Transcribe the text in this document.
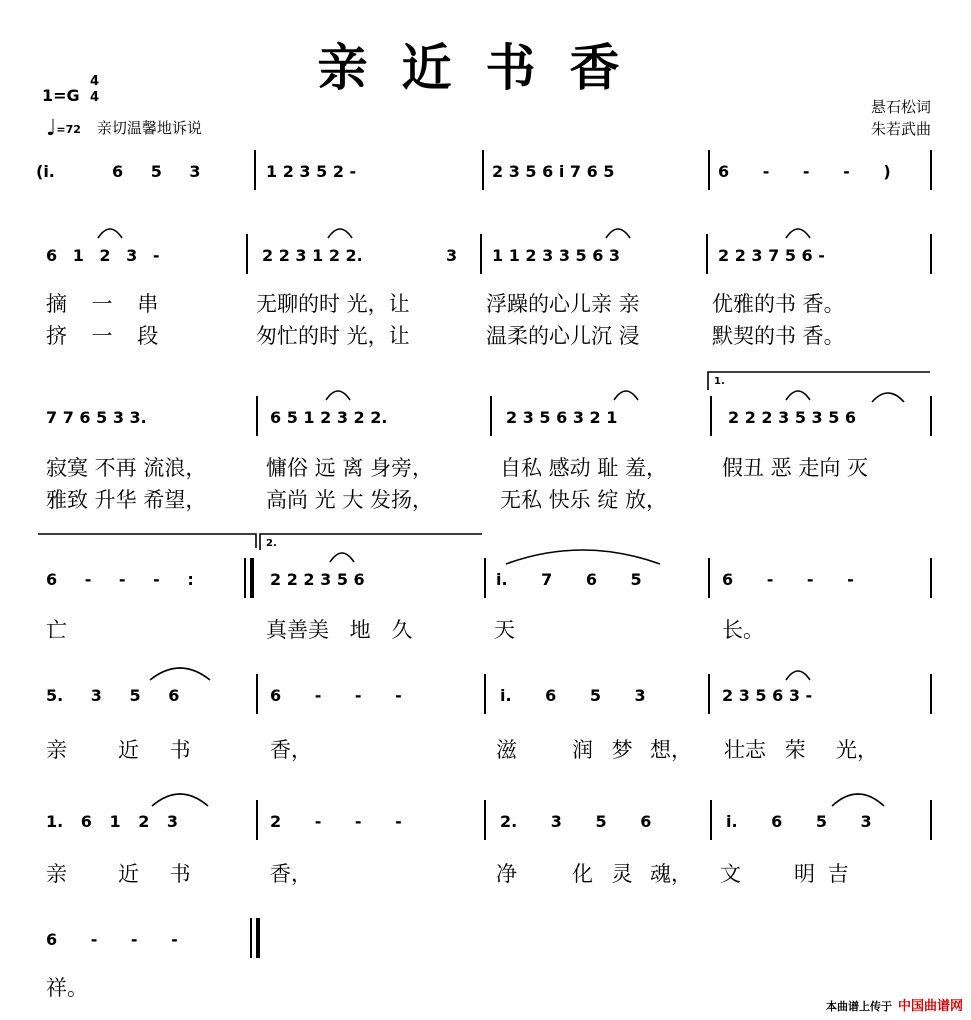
亲近书香
1=G
4
4
♩=72 亲切温馨地诉说
悬石松词
朱若武曲
(i.	6 5 3	1 2 3 5 2 -	2 3 5 6 i 7 6 5	6 - - - )
6 1 2 3 -	2 2 3 1 2 2.	3 1 1 2 3 3 5 6 3	2 2 3 7 5 6 -
摘 一 串	无聊的时 光，让	浮躁的心儿亲 亲	优雅的书 香。
挤 一 段	匆忙的时 光，让	温柔的心儿沉 浸	默契的书 香。
7 7 6 5 3 3.	6 5 1 2 3 2 2.	2 3 5 6 3 2 1	2 2 2 3 5 3 5 6
寂寞 不再 流浪，	慵俗 远 离 身旁，	自私 感动 耻 羞，	假丑 恶 走向 灭
雅致 升华 希望，	高尚 光 大 发扬，	无私 快乐 绽 放，
6 - - - :	2 2 2 3 5 6	i. 7 6 5	6 - - -
亡	真善美 地 久	天	长。
5. 3 5 6	6 - - -	i. 6 5 3	2 3 5 6 3 -
亲 近 书	香，	滋	润 梦 想， 壮志 荣 光，
1. 6 1 2 3	2 - - -	2. 3 5 6	i. 6 5 3
亲 近 书	香，	净	化 灵 魂， 文	明 吉
6 - - -
祥。
1.
2.
本曲谱上传于 中国曲谱网
